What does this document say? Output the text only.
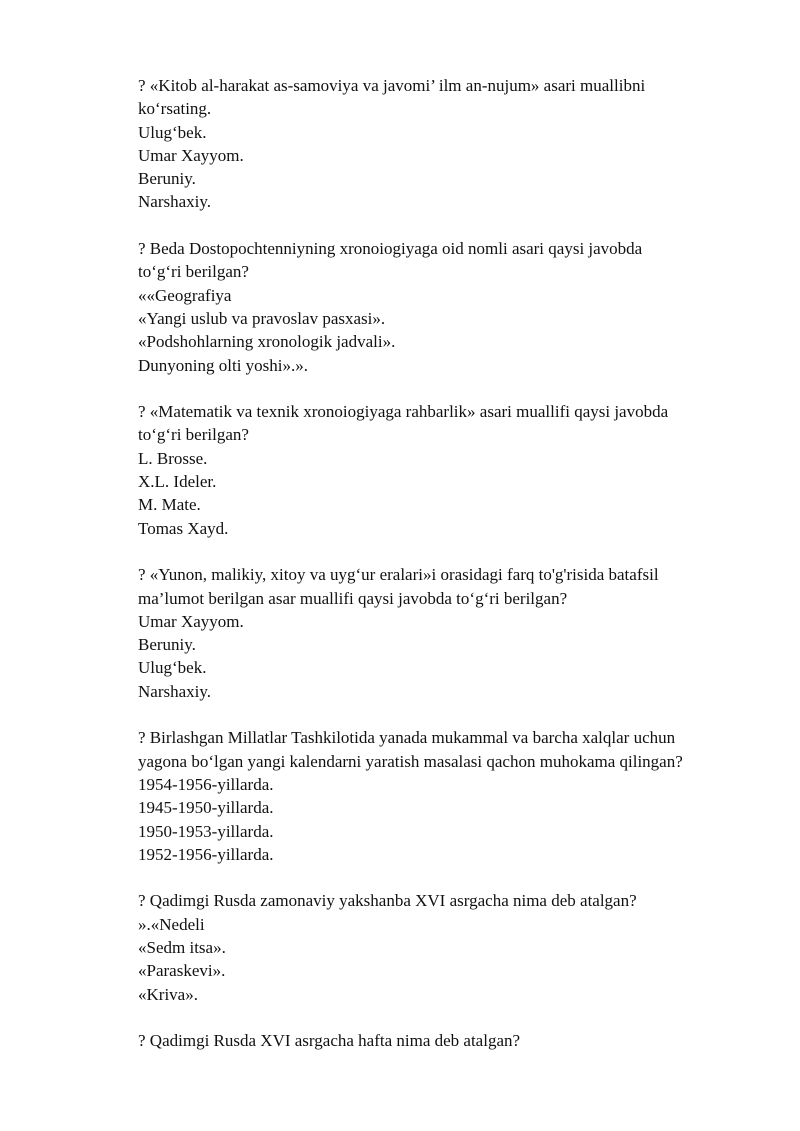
? «Kitob al-harakat as-samoviya va javomi’ ilm an-nujum» asari muallibni
ko‘rsating.
Ulug‘bek.
Umar Xayyom.
Beruniy.
Narshaxiy.
? Beda Dostopochtenniyning xronoiogiyaga oid nomli asari qaysi javobda
to‘g‘ri berilgan?
««Geografiya
«Yangi uslub va pravoslav pasxasi».
«Podshohlarning xronologik jadvali».
Dunyoning olti yoshi».».
? «Matematik va texnik xronoiogiyaga rahbarlik» asari muallifi qaysi javobda
to‘g‘ri berilgan?
L. Brosse.
X.L. Ideler.
M. Mate.
Tomas Xayd.
? «Yunon, malikiy, xitoy va uyg‘ur eralari»i orasidagi farq to'g'risida batafsil
ma’lumot berilgan asar muallifi qaysi javobda to‘g‘ri berilgan?
Umar Xayyom.
Beruniy.
Ulug‘bek.
Narshaxiy.
? Birlashgan Millatlar Tashkilotida yanada mukammal va barcha xalqlar uchun
yagona bo‘lgan yangi kalendarni yaratish masalasi qachon muhokama qilingan?
1954-1956-yillarda.
1945-1950-yillarda.
1950-1953-yillarda.
1952-1956-yillarda.
? Qadimgi Rusda zamonaviy yakshanba XVI asrgacha nima deb atalgan?
».«Nedeli
«Sedm itsa».
«Paraskevi».
«Kriva».
? Qadimgi Rusda XVI asrgacha hafta nima deb atalgan?
